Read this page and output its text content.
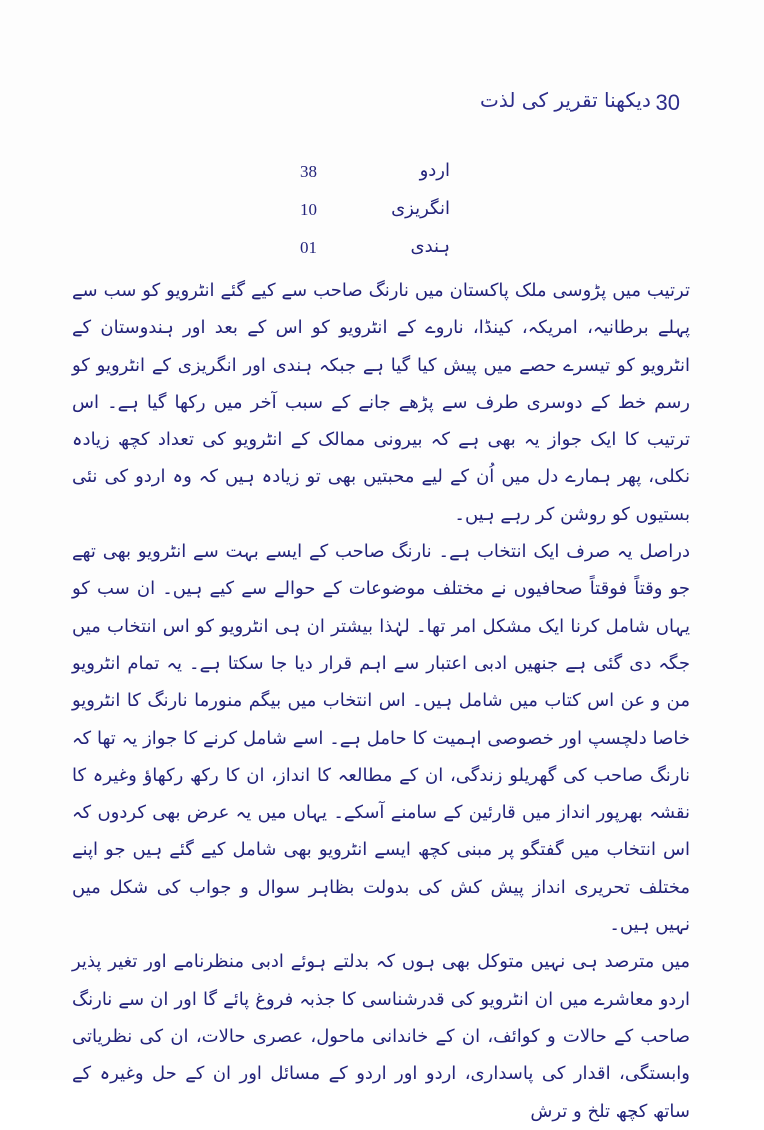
دیکھنا تقریر کی لذت 30
اردو
38
انگریزی
10
ہندی
01

ترتیب میں پڑوسی ملک پاکستان میں نارنگ صاحب سے کیے گئے انٹرویو کو سب سے پہلے برطانیہ، امریکہ، کینڈا، ناروے کے انٹرویو کو اس کے بعد اور ہندوستان کے انٹرویو کو تیسرے حصے میں پیش کیا گیا ہے جبکہ ہندی اور انگریزی کے انٹرویو کو رسم خط کے دوسری طرف سے پڑھے جانے کے سبب آخر میں رکھا گیا ہے۔ اس ترتیب کا ایک جواز یہ بھی ہے کہ بیرونی ممالک کے انٹرویو کی تعداد کچھ زیادہ نکلی، پھر ہمارے دل میں اُن کے لیے محبتیں بھی تو زیادہ ہیں کہ وہ اردو کی نئی بستیوں کو روشن کر رہے ہیں۔

دراصل یہ صرف ایک انتخاب ہے۔ نارنگ صاحب کے ایسے بہت سے انٹرویو بھی تھے جو وقتاً فوقتاً صحافیوں نے مختلف موضوعات کے حوالے سے کیے ہیں۔ ان سب کو یہاں شامل کرنا ایک مشکل امر تھا۔ لہٰذا بیشتر ان ہی انٹرویو کو اس انتخاب میں جگہ دی گئی ہے جنھیں ادبی اعتبار سے اہم قرار دیا جا سکتا ہے۔ یہ تمام انٹرویو من و عن اس کتاب میں شامل ہیں۔ اس انتخاب میں بیگم منورما نارنگ کا انٹرویو خاصا دلچسپ اور خصوصی اہمیت کا حامل ہے۔ اسے شامل کرنے کا جواز یہ تھا کہ نارنگ صاحب کی گھریلو زندگی، ان کے مطالعہ کا انداز، ان کا رکھ رکھاؤ وغیرہ کا نقشہ بھرپور انداز میں قارئین کے سامنے آسکے۔ یہاں میں یہ عرض بھی کردوں کہ اس انتخاب میں گفتگو پر مبنی کچھ ایسے انٹرویو بھی شامل کیے گئے ہیں جو اپنے مختلف تحریری انداز پیش کش کی بدولت بظاہر سوال و جواب کی شکل میں نہیں ہیں۔

میں مترصد ہی نہیں متوکل بھی ہوں کہ بدلتے ہوئے ادبی منظرنامے اور تغیر پذیر اردو معاشرے میں ان انٹرویو کی قدرشناسی کا جذبہ فروغ پائے گا اور ان سے نارنگ صاحب کے حالات و کوائف، ان کے خاندانی ماحول، عصری حالات، ان کی نظریاتی وابستگی، اقدار کی پاسداری، اردو اور اردو کے مسائل اور ان کے حل وغیرہ کے ساتھ کچھ تلخ و ترش
